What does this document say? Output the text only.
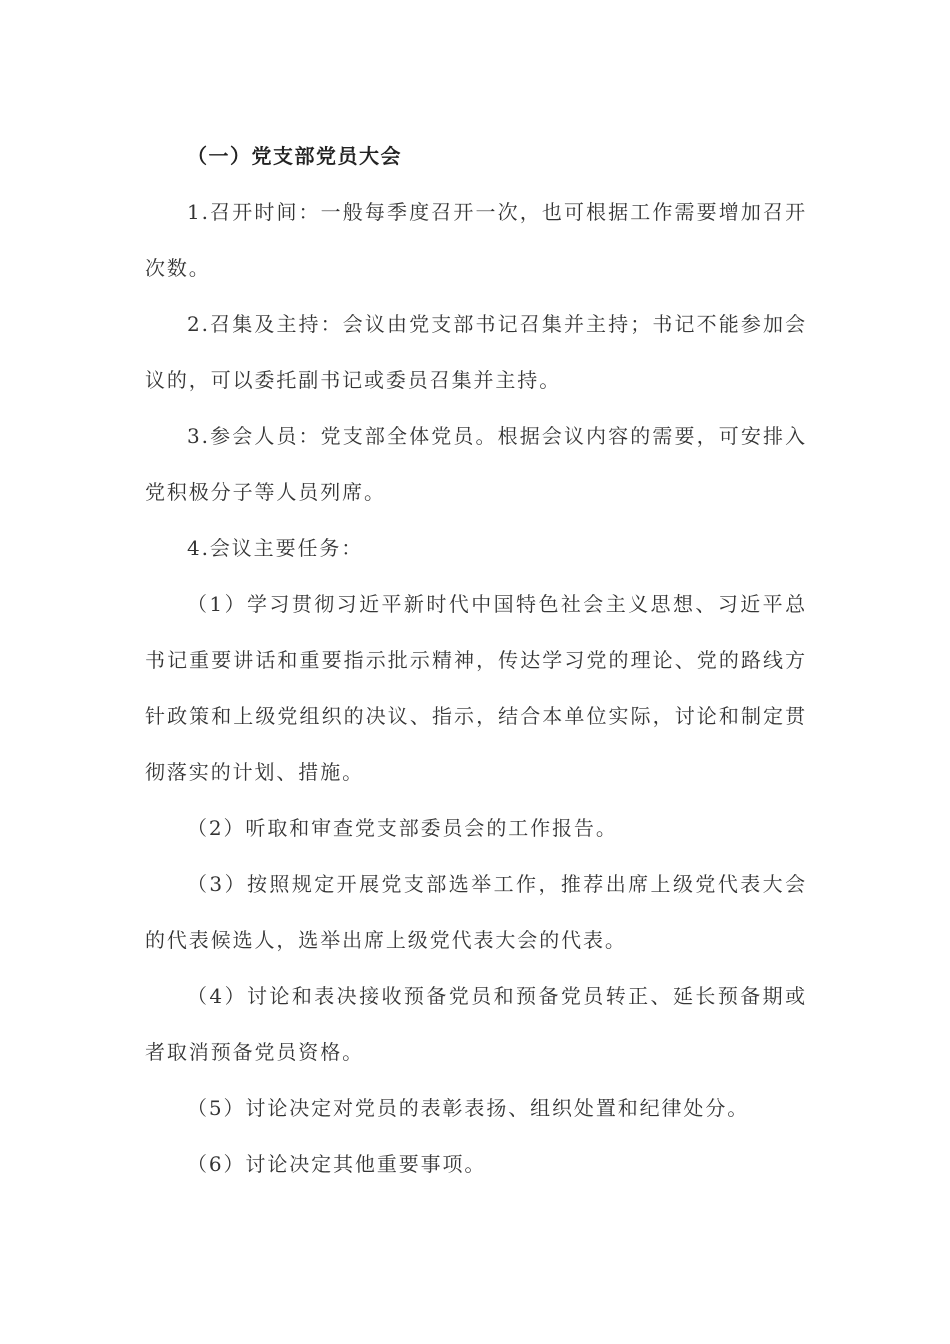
（一）党支部党员大会

1.召开时间：一般每季度召开一次，也可根据工作需要增加召开次数。

2.召集及主持：会议由党支部书记召集并主持；书记不能参加会议的，可以委托副书记或委员召集并主持。

3.参会人员：党支部全体党员。根据会议内容的需要，可安排入党积极分子等人员列席。

4.会议主要任务：

（1）学习贯彻习近平新时代中国特色社会主义思想、习近平总书记重要讲话和重要指示批示精神，传达学习党的理论、党的路线方针政策和上级党组织的决议、指示，结合本单位实际，讨论和制定贯彻落实的计划、措施。

（2）听取和审查党支部委员会的工作报告。

（3）按照规定开展党支部选举工作，推荐出席上级党代表大会的代表候选人，选举出席上级党代表大会的代表。

（4）讨论和表决接收预备党员和预备党员转正、延长预备期或者取消预备党员资格。

（5）讨论决定对党员的表彰表扬、组织处置和纪律处分。

（6）讨论决定其他重要事项。
